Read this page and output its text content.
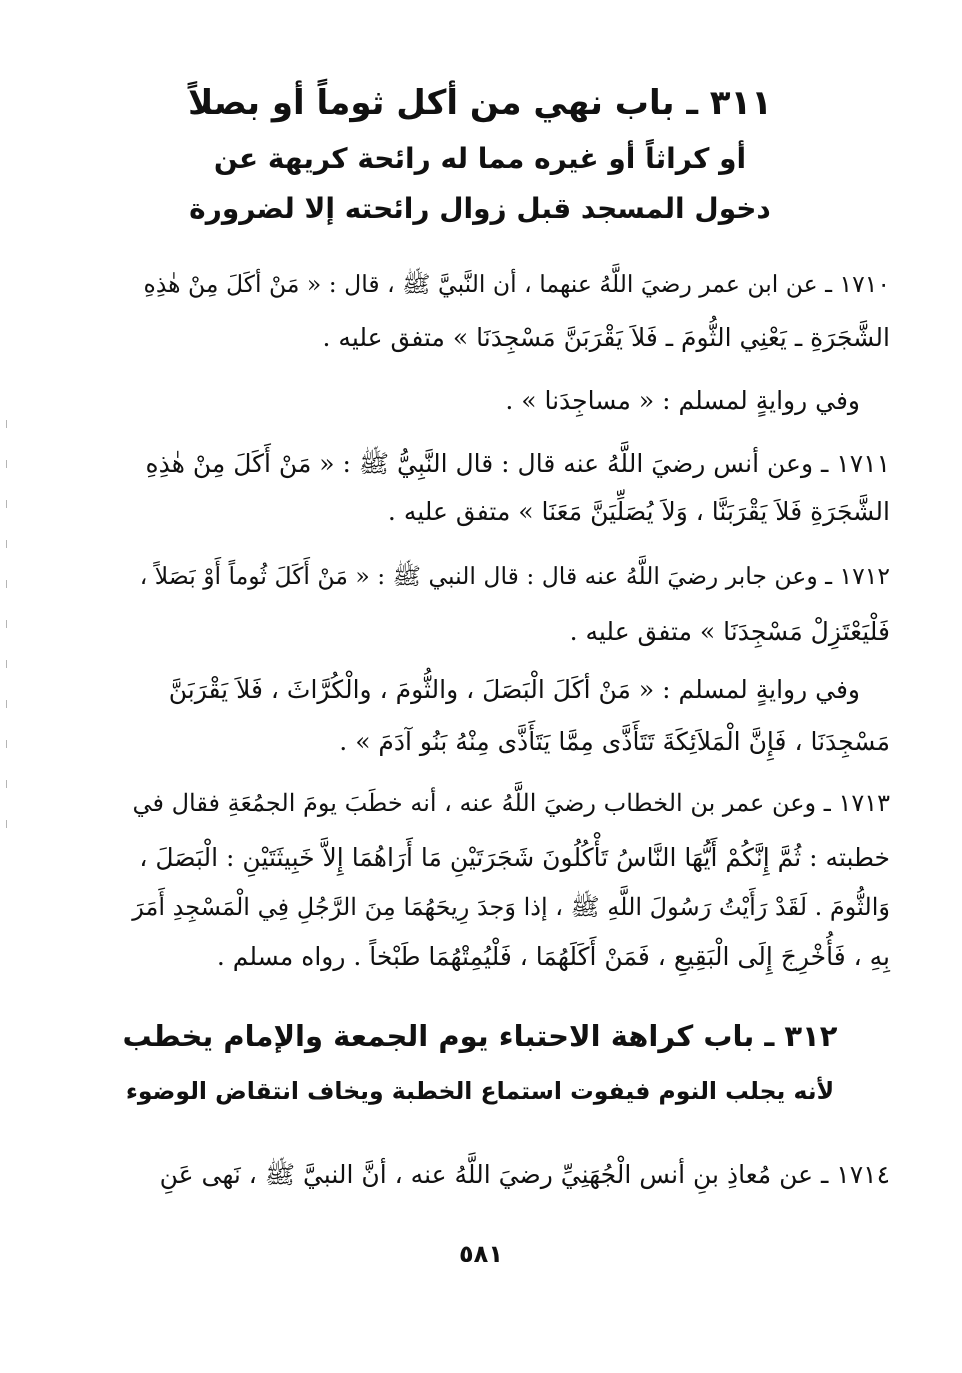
٣١١ ـ باب نهي من أكل ثوماً أو بصلاً
أو كراثاً أو غيره مما له رائحة كريهة عن
دخول المسجد قبل زوال رائحته إلا لضرورة
١٧١٠ ـ عن ابن عمر رضيَ اللَّهُ عنهما ، أن النَّبيَّ ﷺ ، قال : « مَنْ أكَلَ مِنْ هٰذِهِ
الشَّجَرَةِ ـ يَعْنِي الثُّومَ ـ فَلاَ يَقْرَبَنَّ مَسْجِدَنَا » متفق عليه .
وفي روايةٍ لمسلم : « مساجِدَنا » .
١٧١١ ـ وعن أنس رضيَ اللَّهُ عنه قال : قال النَّبِيُّ ﷺ : « مَنْ أَكَلَ مِنْ هٰذِهِ
الشَّجَرَةِ فَلاَ يَقْرَبَنَّا ، وَلاَ يُصَلِّيَنَّ مَعَنَا » متفق عليه .
١٧١٢ ـ وعن جابر رضيَ اللَّهُ عنه قال : قال النبي ﷺ : « مَنْ أَكَلَ ثُوماً أَوْ بَصَلاً ،
فَلْيَعْتَزِلْ مَسْجِدَنَا » متفق عليه .
وفي روايةٍ لمسلم : « مَنْ أكَلَ الْبَصَلَ ، والثُّومَ ، والْكُرَّاثَ ، فَلاَ يَقْرَبَنَّ
مَسْجِدَنَا ، فَإِنَّ الْمَلاَئِكَةَ تَتَأَذَّى مِمَّا يَتَأَذَّى مِنْهُ بَنُو آدَمَ » .
١٧١٣ ـ وعن عمر بن الخطاب رضيَ اللَّهُ عنه ، أنه خطَبَ يومَ الجمُعَةِ فقال في
خطبته : ثُمَّ إِنَّكُمْ أَيُّهَا النَّاسُ تَأْكُلُونَ شَجَرَتَيْنِ مَا أَرَاهُمَا إِلاَّ خَبِيثَتَيْنِ : الْبَصَلَ ،
وَالثُّومَ . لَقَدْ رَأَيْتُ رَسُولَ اللَّهِ ﷺ ، إذا وَجدَ رِيحَهُمَا مِنَ الرَّجُلِ فِي الْمَسْجِدِ أَمَرَ
بِهِ ، فَأُخْرِجَ إِلَى الْبَقِيعِ ، فَمَنْ أَكَلَهُمَا ، فَلْيُمِتْهُمَا طَبْخاً . رواه مسلم .
٣١٢ ـ باب كراهة الاحتباء يوم الجمعة والإمام يخطب
لأنه يجلب النوم فيفوت استماع الخطبة ويخاف انتقاض الوضوء
١٧١٤ ـ عن مُعاذِ بنِ أنس الْجُهَنِيِّ رضيَ اللَّهُ عنه ، أنَّ النبيَّ ﷺ ، نَهى عَنِ
٥٨١
